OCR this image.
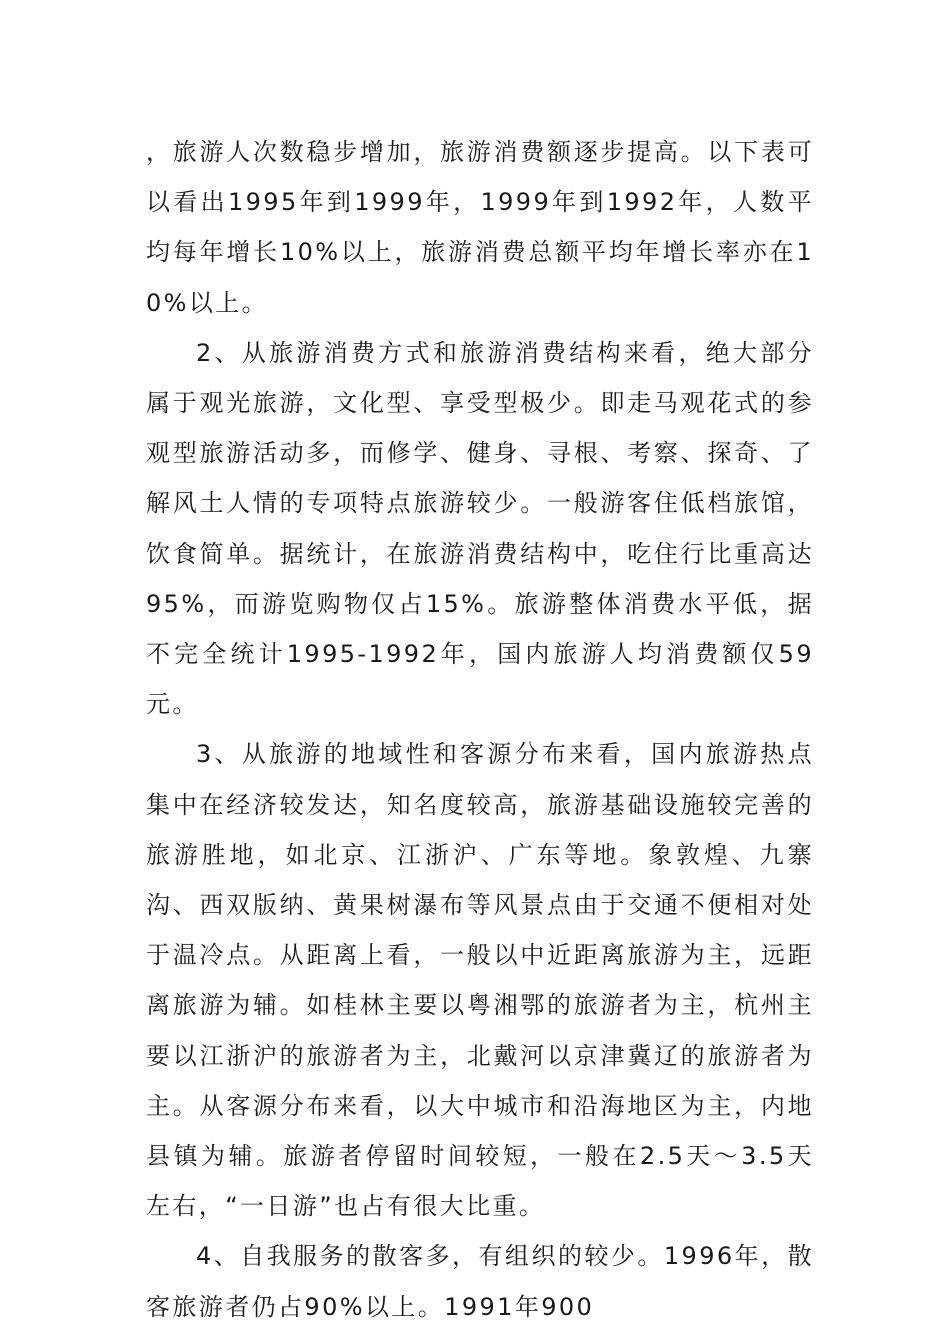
，旅游人次数稳步增加，旅游消费额逐步提高。以下表可以看出1995年到1999年，1999年到1992年，人数平均每年增长10%以上，旅游消费总额平均年增长率亦在10%以上。

2、从旅游消费方式和旅游消费结构来看，绝大部分属于观光旅游，文化型、享受型极少。即走马观花式的参观型旅游活动多，而修学、健身、寻根、考察、探奇、了解风土人情的专项特点旅游较少。一般游客住低档旅馆，饮食简单。据统计，在旅游消费结构中，吃住行比重高达95%，而游览购物仅占15%。旅游整体消费水平低，据不完全统计1995-1992年，国内旅游人均消费额仅59元。

3、从旅游的地域性和客源分布来看，国内旅游热点集中在经济较发达，知名度较高，旅游基础设施较完善的旅游胜地，如北京、江浙沪、广东等地。象敦煌、九寨沟、西双版纳、黄果树瀑布等风景点由于交通不便相对处于温冷点。从距离上看，一般以中近距离旅游为主，远距离旅游为辅。如桂林主要以粤湘鄂的旅游者为主，杭州主要以江浙沪的旅游者为主，北戴河以京津冀辽的旅游者为主。从客源分布来看，以大中城市和沿海地区为主，内地县镇为辅。旅游者停留时间较短，一般在2.5天～3.5天左右，“一日游”也占有很大比重。

4、自我服务的散客多，有组织的较少。1996年，散客旅游者仍占90%以上。1991年900
